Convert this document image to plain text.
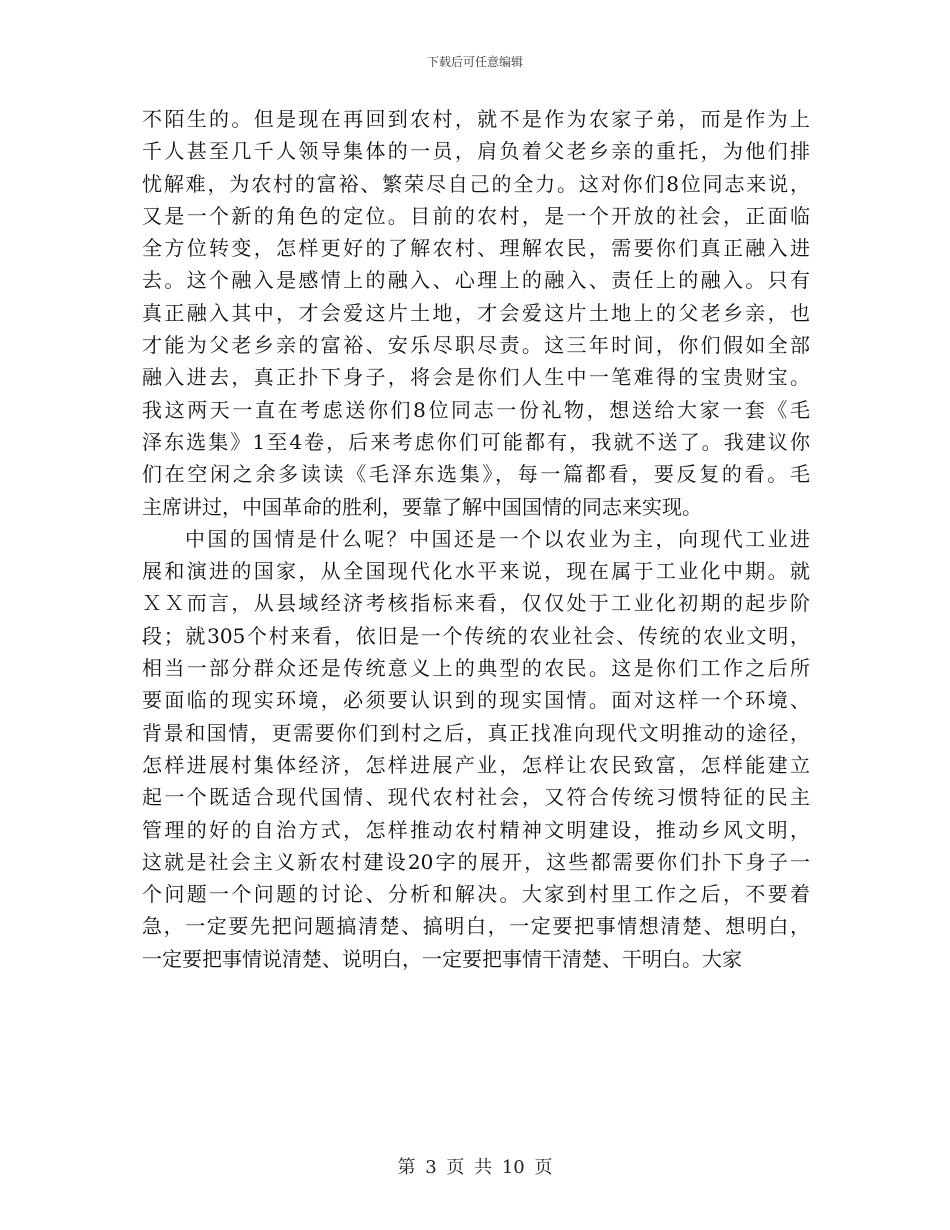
下载后可任意编辑
不陌生的。但是现在再回到农村，就不是作为农家子弟，而是作为上
千人甚至几千人领导集体的一员，肩负着父老乡亲的重托，为他们排
忧解难，为农村的富裕、繁荣尽自己的全力。这对你们8位同志来说，
又是一个新的角色的定位。目前的农村，是一个开放的社会，正面临
全方位转变，怎样更好的了解农村、理解农民，需要你们真正融入进
去。这个融入是感情上的融入、心理上的融入、责任上的融入。只有
真正融入其中，才会爱这片土地，才会爱这片土地上的父老乡亲，也
才能为父老乡亲的富裕、安乐尽职尽责。这三年时间，你们假如全部
融入进去，真正扑下身子，将会是你们人生中一笔难得的宝贵财宝。
我这两天一直在考虑送你们8位同志一份礼物，想送给大家一套《毛
泽东选集》1至4卷，后来考虑你们可能都有，我就不送了。我建议你
们在空闲之余多读读《毛泽东选集》，每一篇都看，要反复的看。毛
主席讲过，中国革命的胜利，要靠了解中国国情的同志来实现。
中国的国情是什么呢？中国还是一个以农业为主，向现代工业进
展和演进的国家，从全国现代化水平来说，现在属于工业化中期。就
ＸＸ而言，从县域经济考核指标来看，仅仅处于工业化初期的起步阶
段；就305个村来看，依旧是一个传统的农业社会、传统的农业文明，
相当一部分群众还是传统意义上的典型的农民。这是你们工作之后所
要面临的现实环境，必须要认识到的现实国情。面对这样一个环境、
背景和国情，更需要你们到村之后，真正找准向现代文明推动的途径，
怎样进展村集体经济，怎样进展产业，怎样让农民致富，怎样能建立
起一个既适合现代国情、现代农村社会，又符合传统习惯特征的民主
管理的好的自治方式，怎样推动农村精神文明建设，推动乡风文明，
这就是社会主义新农村建设20字的展开，这些都需要你们扑下身子一
个问题一个问题的讨论、分析和解决。大家到村里工作之后，不要着
急，一定要先把问题搞清楚、搞明白，一定要把事情想清楚、想明白，
一定要把事情说清楚、说明白，一定要把事情干清楚、干明白。大家
第 3 页 共 10 页
